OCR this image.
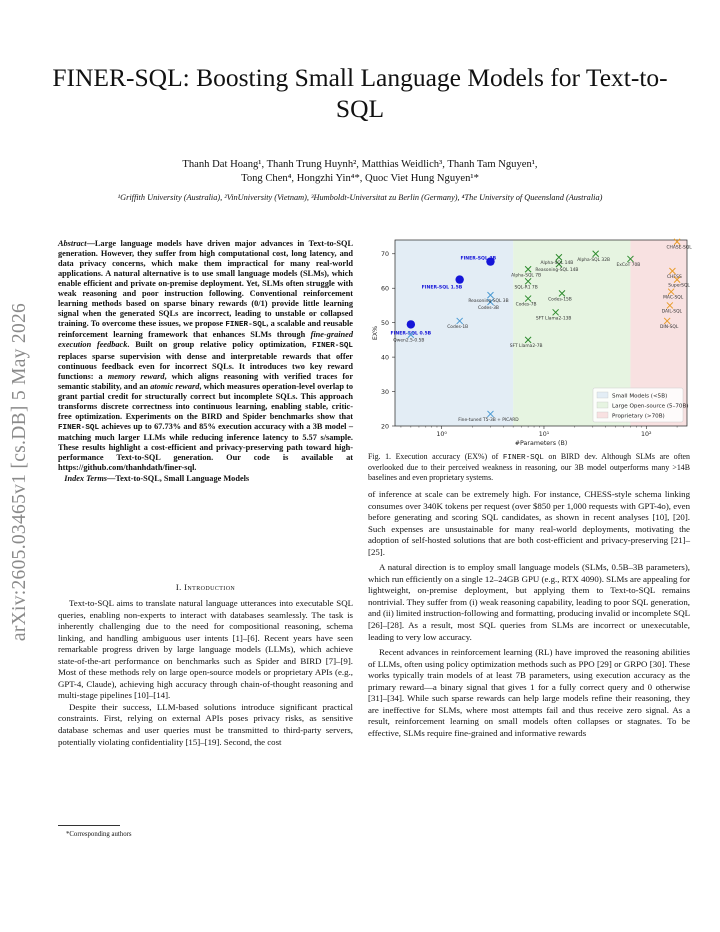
arXiv:2605.03465v1 [cs.DB] 5 May 2026
FINER-SQL: Boosting Small Language Models for Text-to-SQL
Thanh Dat Hoang¹, Thanh Trung Huynh², Matthias Weidlich³, Thanh Tam Nguyen¹,
Tong Chen⁴, Hongzhi Yin⁴*, Quoc Viet Hung Nguyen¹*
¹Griffith University (Australia), ²VinUniversity (Vietnam), ³Humboldt-Universitat zu Berlin (Germany), ⁴The University of Queensland (Australia)
Abstract—Large language models have driven major advances in Text-to-SQL generation. However, they suffer from high computational cost, long latency, and data privacy concerns, which make them impractical for many real-world applications. A natural alternative is to use small language models (SLMs), which enable efficient and private on-premise deployment. Yet, SLMs often struggle with weak reasoning and poor instruction following. Conventional reinforcement learning methods based on sparse binary rewards (0/1) provide little learning signal when the generated SQLs are incorrect, leading to unstable or collapsed training. To overcome these issues, we propose FINER-SQL, a scalable and reusable reinforcement learning framework that enhances SLMs through fine-grained execution feedback. Built on group relative policy optimization, FINER-SQL replaces sparse supervision with dense and interpretable rewards that offer continuous feedback even for incorrect SQLs. It introduces two key reward functions: a memory reward, which aligns reasoning with verified traces for semantic stability, and an atomic reward, which measures operation-level overlap to grant partial credit for structurally correct but incomplete SQLs. This approach transforms discrete correctness into continuous learning, enabling stable, critic-free optimization. Experiments on the BIRD and Spider benchmarks show that FINER-SQL achieves up to 67.73% and 85% execution accuracy with a 3B model – matching much larger LLMs while reducing inference latency to 5.57 s/sample. These results highlight a cost-efficient and privacy-preserving path toward high-performance Text-to-SQL generation. Our code is available at https://github.com/thanhdath/finer-sql.
Index Terms—Text-to-SQL, Small Language Models
I. Introduction

Text-to-SQL aims to translate natural language utterances into executable SQL queries, enabling non-experts to interact with databases seamlessly. The task is inherently challenging due to the need for compositional reasoning, schema linking, and handling ambiguous user intents [1]–[6]. Recent years have seen remarkable progress driven by large language models (LLMs), which achieve state-of-the-art performance on benchmarks such as Spider and BIRD [7]–[9]. Most of these methods rely on large open-source models or proprietary APIs (e.g., GPT-4, Claude), achieving high accuracy through chain-of-thought reasoning and multi-stage pipelines [10]–[14].

Despite their success, LLM-based solutions introduce significant practical constraints. First, relying on external APIs poses privacy risks, as sensitive database schemas and user queries must be transmitted to third-party servers, potentially violating confidentiality [15]–[19]. Second, the cost

*Corresponding authors
20
30
40
50
60
70
10⁰	10¹	10²
#Parameters (B)
EX%
FINER-SQL 3B
FINER-SQL 1.5B
FINER-SQL 0.5B
Qwen2.5-0.5B
Codes-1B
Codes-3B
Fine-tuned T5-3B + PICARD
Reasoning-SQL 3B
SQL-R1 7B
Codes-7B
Alpha-SQL 7B
Reasoning-SQL 14B
Alpha-SQL 14B
Codes-15B
SFT Llama2-13B
SFT Llama2-7B
Alpha-SQL 32B
ExCoT 70B
CHASE-SQL
CHESS
SuperSQL
MAC-SQL
DAIL-SQL
DIN-SQL
Small Models (<5B)
Large Open-source (5–70B)
Proprietary (>70B)
Fig. 1. Execution accuracy (EX%) of FINER-SQL on BIRD dev. Although SLMs are often overlooked due to their perceived weakness in reasoning, our 3B model outperforms many >14B baselines and even proprietary systems.

of inference at scale can be extremely high. For instance, CHESS-style schema linking consumes over 340K tokens per request (over $850 per 1,000 requests with GPT-4o), even before generating and scoring SQL candidates, as shown in recent analyses [10], [20]. Such expenses are unsustainable for many real-world deployments, motivating the adoption of self-hosted solutions that are both cost-efficient and privacy-preserving [21]–[25].

A natural direction is to employ small language models (SLMs, 0.5B–3B parameters), which run efficiently on a single 12–24GB GPU (e.g., RTX 4090). SLMs are appealing for lightweight, on-premise deployment, but applying them to Text-to-SQL remains nontrivial. They suffer from (i) weak reasoning capability, leading to poor SQL generation, and (ii) limited instruction-following and formatting, producing invalid or incomplete SQL [26]–[28]. As a result, most SQL queries from SLMs are incorrect or unexecutable, leading to very low accuracy.

Recent advances in reinforcement learning (RL) have improved the reasoning abilities of LLMs, often using policy optimization methods such as PPO [29] or GRPO [30]. These works typically train models of at least 7B parameters, using execution accuracy as the primary reward—a binary signal that gives 1 for a fully correct query and 0 otherwise [31]–[34]. While such sparse rewards can help large models refine their reasoning, they are ineffective for SLMs, where most attempts fail and thus receive zero signal. As a result, reinforcement learning on small models often collapses or stagnates. To be effective, SLMs require fine-grained and informative rewards
